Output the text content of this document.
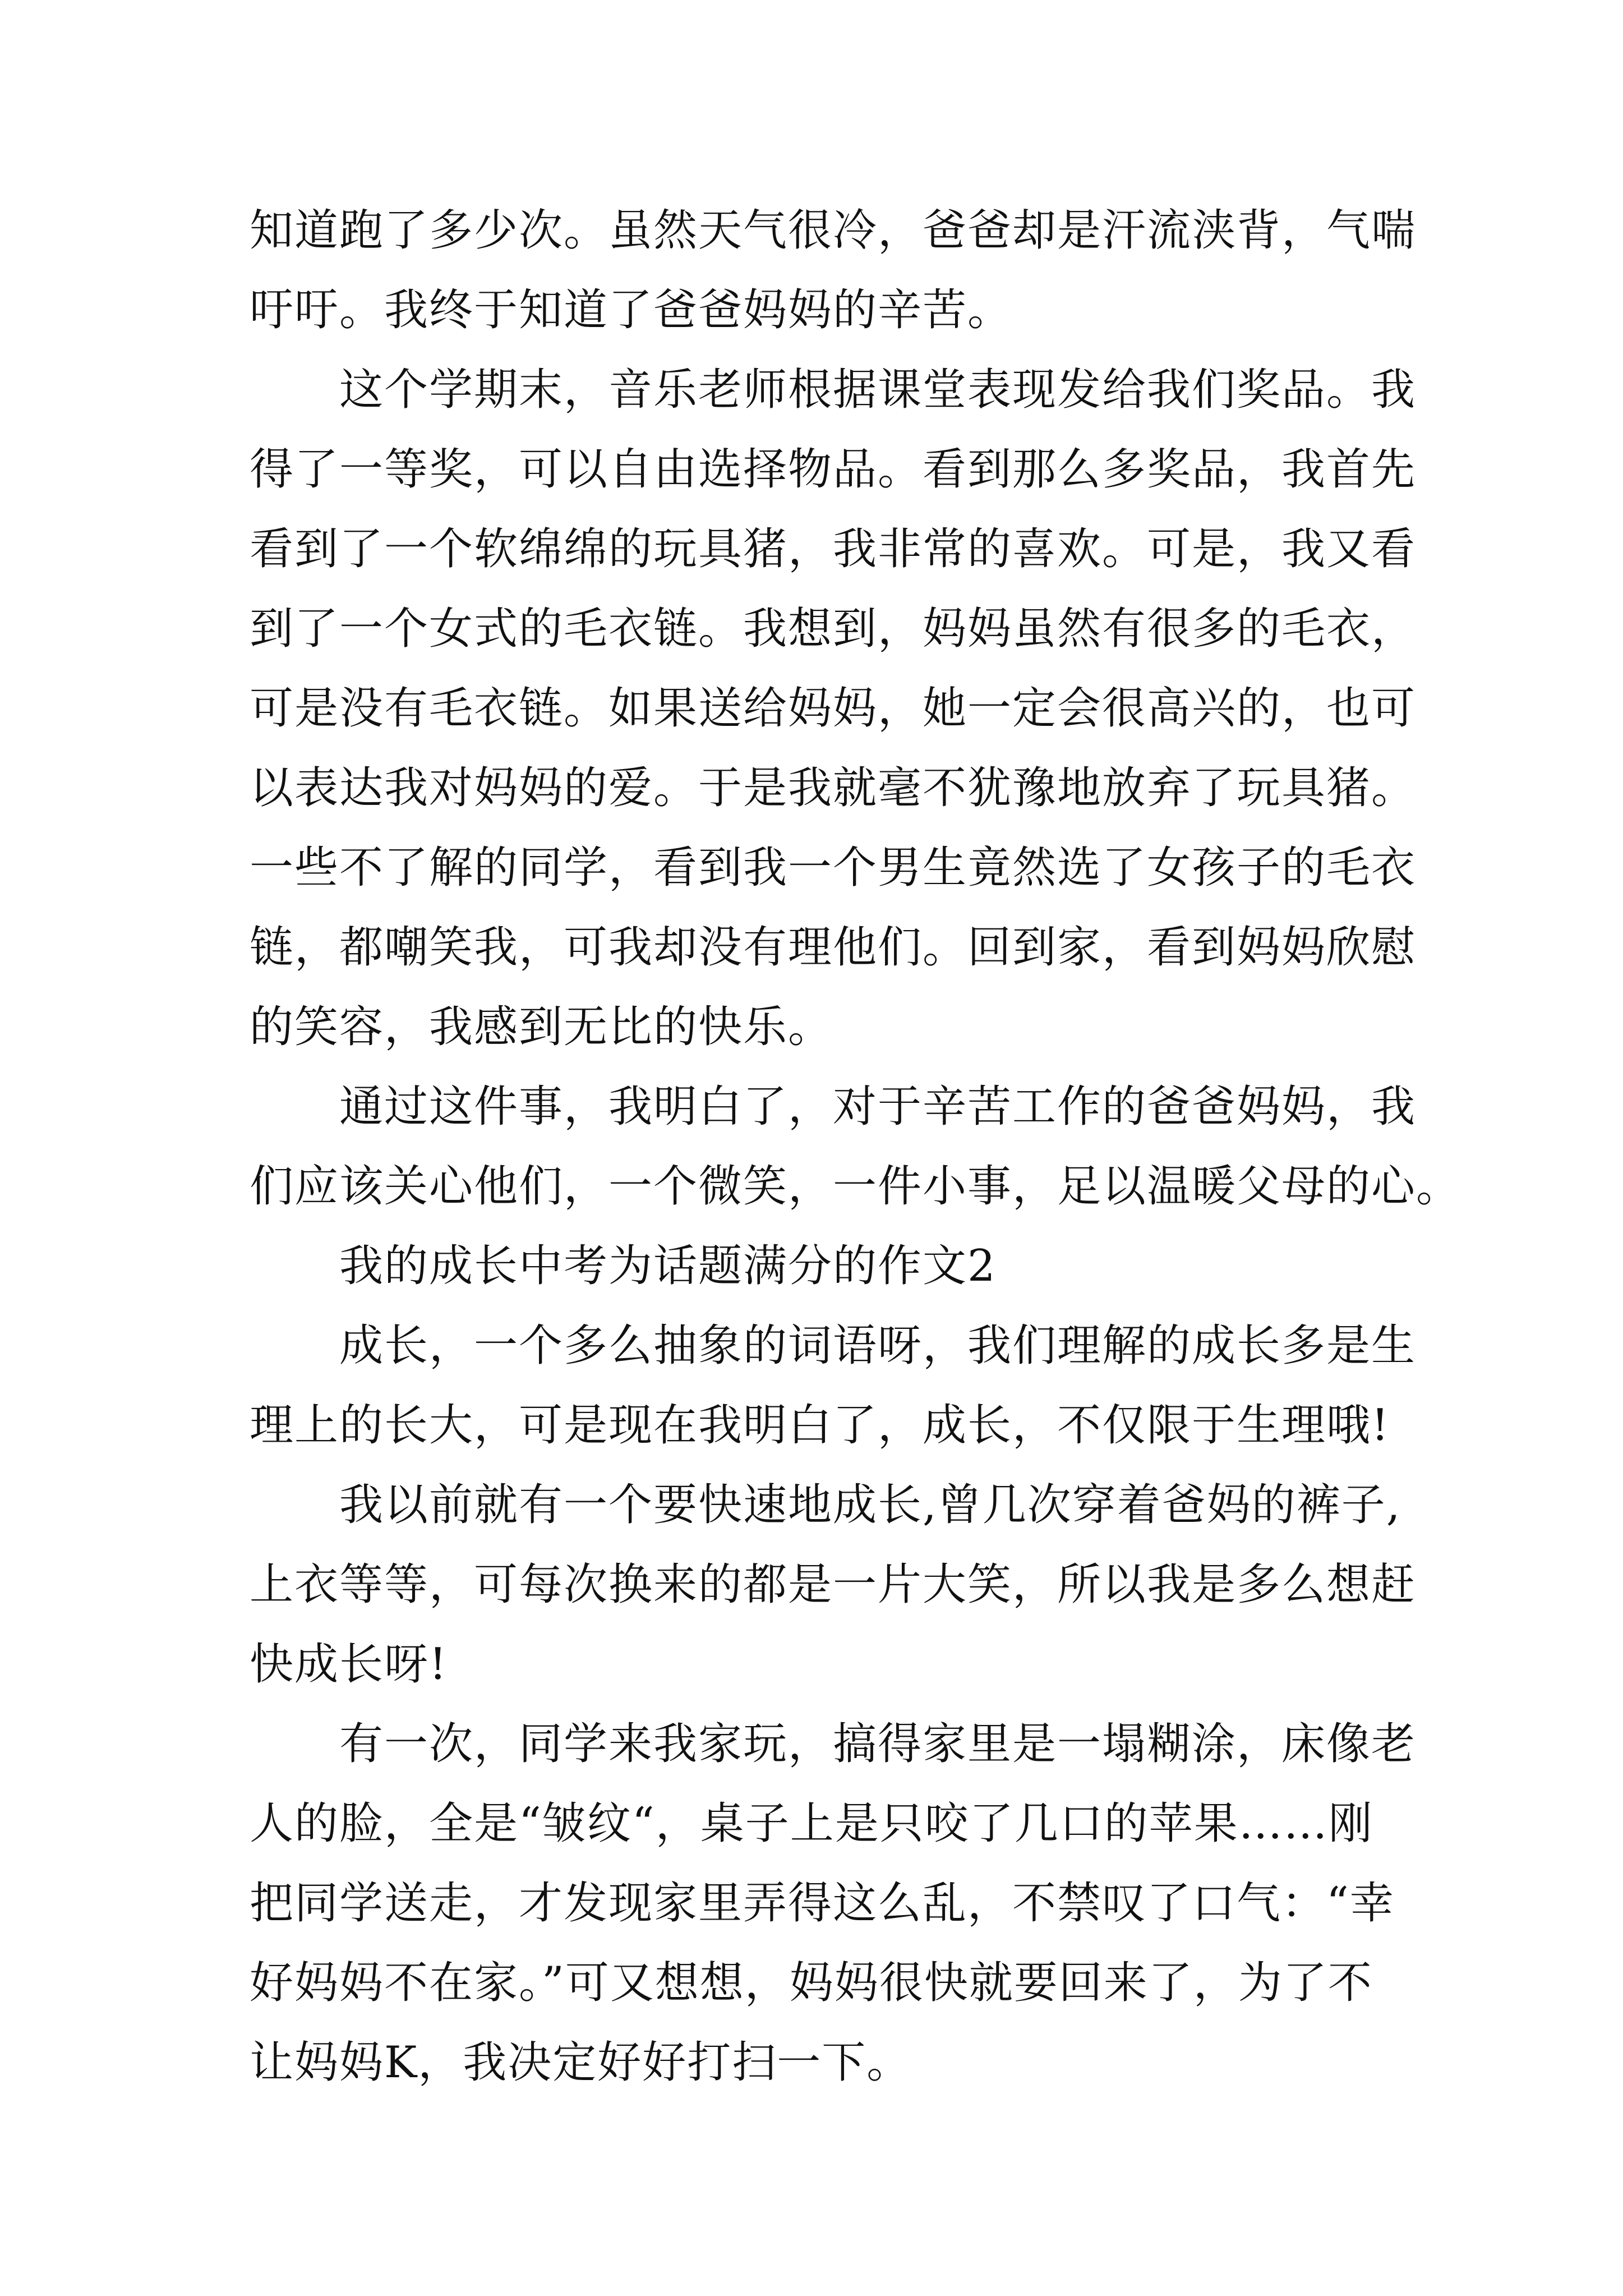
知道跑了多少次。虽然天气很冷，爸爸却是汗流浃背，气喘
吁吁。我终于知道了爸爸妈妈的辛苦。
这个学期末，音乐老师根据课堂表现发给我们奖品。我
得了一等奖，可以自由选择物品。看到那么多奖品，我首先
看到了一个软绵绵的玩具猪，我非常的喜欢。可是，我又看
到了一个女式的毛衣链。我想到，妈妈虽然有很多的毛衣，
可是没有毛衣链。如果送给妈妈，她一定会很高兴的，也可
以表达我对妈妈的爱。于是我就毫不犹豫地放弃了玩具猪。
一些不了解的同学，看到我一个男生竟然选了女孩子的毛衣
链，都嘲笑我，可我却没有理他们。回到家，看到妈妈欣慰
的笑容，我感到无比的快乐。
通过这件事，我明白了，对于辛苦工作的爸爸妈妈，我
们应该关心他们，一个微笑，一件小事，足以温暖父母的心。
我的成长中考为话题满分的作文2
成长，一个多么抽象的词语呀，我们理解的成长多是生
理上的长大，可是现在我明白了，成长，不仅限于生理哦!
我以前就有一个要快速地成长,曾几次穿着爸妈的裤子,
上衣等等，可每次换来的都是一片大笑，所以我是多么想赶
快成长呀!
有一次，同学来我家玩，搞得家里是一塌糊涂，床像老
人的脸，全是“皱纹“，桌子上是只咬了几口的苹果……刚
把同学送走，才发现家里弄得这么乱，不禁叹了口气：“幸
好妈妈不在家。”可又想想，妈妈很快就要回来了，为了不
让妈妈K，我决定好好打扫一下。
